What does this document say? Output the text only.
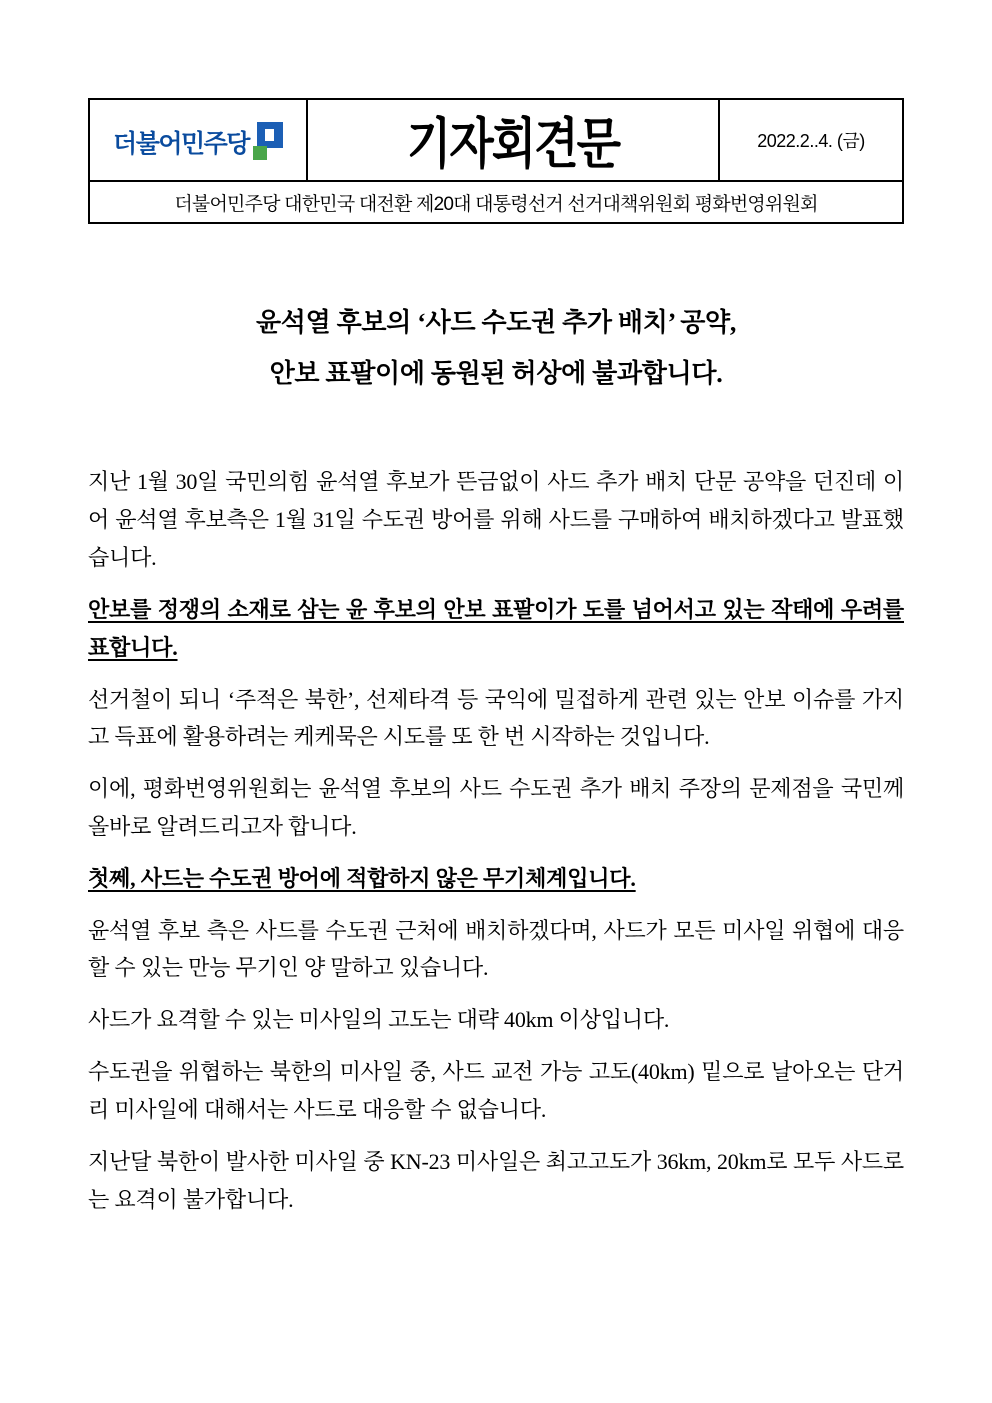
더불어민주당	기자회견문	2022.2..4. (금)
더불어민주당 대한민국 대전환 제20대 대통령선거 선거대책위원회 평화번영위원회
윤석열 후보의 ‘사드 수도권 추가 배치’ 공약,
안보 표팔이에 동원된 허상에 불과합니다.

지난 1월 30일 국민의힘 윤석열 후보가 뜬금없이 사드 추가 배치 단문 공약을 던진데 이어 윤석열 후보측은 1월 31일 수도권 방어를 위해 사드를 구매하여 배치하겠다고 발표했습니다.

안보를 정쟁의 소재로 삼는 윤 후보의 안보 표팔이가 도를 넘어서고 있는 작태에 우려를 표합니다.

선거철이 되니 ‘주적은 북한’, 선제타격 등 국익에 밀접하게 관련 있는 안보 이슈를 가지고 득표에 활용하려는 케케묵은 시도를 또 한 번 시작하는 것입니다.

이에, 평화번영위원회는 윤석열 후보의 사드 수도권 추가 배치 주장의 문제점을 국민께 올바로 알려드리고자 합니다.

첫쩨, 사드는 수도권 방어에 적합하지 않은 무기체계입니다.

윤석열 후보 측은 사드를 수도권 근처에 배치하겠다며, 사드가 모든 미사일 위협에 대응할 수 있는 만능 무기인 양 말하고 있습니다.

사드가 요격할 수 있는 미사일의 고도는 대략 40km 이상입니다.

수도권을 위협하는 북한의 미사일 중, 사드 교전 가능 고도(40km) 밑으로 날아오는 단거리 미사일에 대해서는 사드로 대응할 수 없습니다.

지난달 북한이 발사한 미사일 중 KN-23 미사일은 최고고도가 36km, 20km로 모두 사드로는 요격이 불가합니다.
